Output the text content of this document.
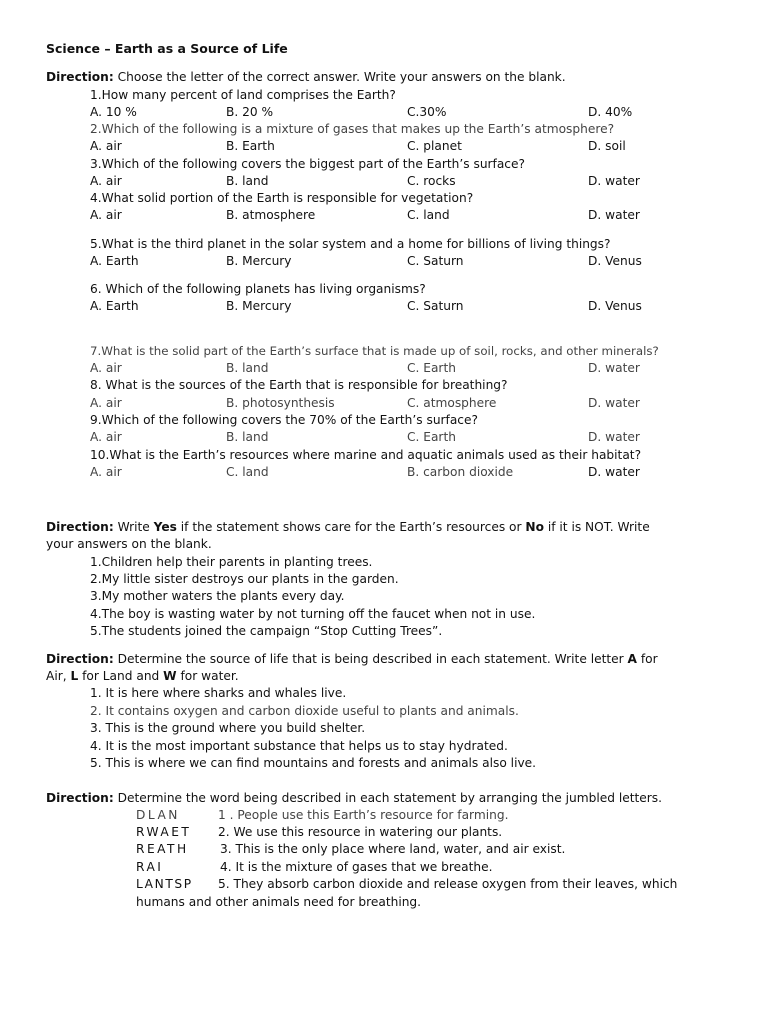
Science – Earth as a Source of Life
Direction: Choose the letter of the correct answer. Write your answers on the blank.
1.How many percent of land comprises the Earth?
A. 10 %	B. 20 %	C.30%	D. 40%
2.Which of the following is a mixture of gases that makes up the Earth’s atmosphere?
A. air	B. Earth	C. planet	D. soil
3.Which of the following covers the biggest part of the Earth’s surface?
A. air	B. land	C. rocks	D. water
4.What solid portion of the Earth is responsible for vegetation?
A. air	B. atmosphere	C. land	D. water
5.What is the third planet in the solar system and a home for billions of living things?
A. Earth	B. Mercury	C. Saturn	D. Venus
6. Which of the following planets has living organisms?
A. Earth	B. Mercury	C. Saturn	D. Venus
7.What is the solid part of the Earth’s surface that is made up of soil, rocks, and other minerals?
A. air	B. land	C. Earth	D. water
8. What is the sources of the Earth that is responsible for breathing?
A. air	B. photosynthesis	C. atmosphere	D. water
9.Which of the following covers the 70% of the Earth’s surface?
A. air	B. land	C. Earth	D. water
10.What is the Earth’s resources where marine and aquatic animals used as their habitat?
A. air	C. land	B. carbon dioxide	D. water
Direction: Write Yes if the statement shows care for the Earth’s resources or No if it is NOT. Write
your answers on the blank.
1.Children help their parents in planting trees.
2.My little sister destroys our plants in the garden.
3.My mother waters the plants every day.
4.The boy is wasting water by not turning off the faucet when not in use.
5.The students joined the campaign “Stop Cutting Trees”.
Direction: Determine the source of life that is being described in each statement. Write letter A for
Air, L for Land and W for water.
1. It is here where sharks and whales live.
2. It contains oxygen and carbon dioxide useful to plants and animals.
3. This is the ground where you build shelter.
4. It is the most important substance that helps us to stay hydrated.
5. This is where we can find mountains and forests and animals also live.
Direction: Determine the word being described in each statement by arranging the jumbled letters.
DLAN	1 . People use this Earth’s resource for farming.
RWAET 2. We use this resource in watering our plants.
REATH	3. This is the only place where land, water, and air exist.
RAI	4. It is the mixture of gases that we breathe.
LANTSP 5. They absorb carbon dioxide and release oxygen from their leaves, which
humans and other animals need for breathing.
